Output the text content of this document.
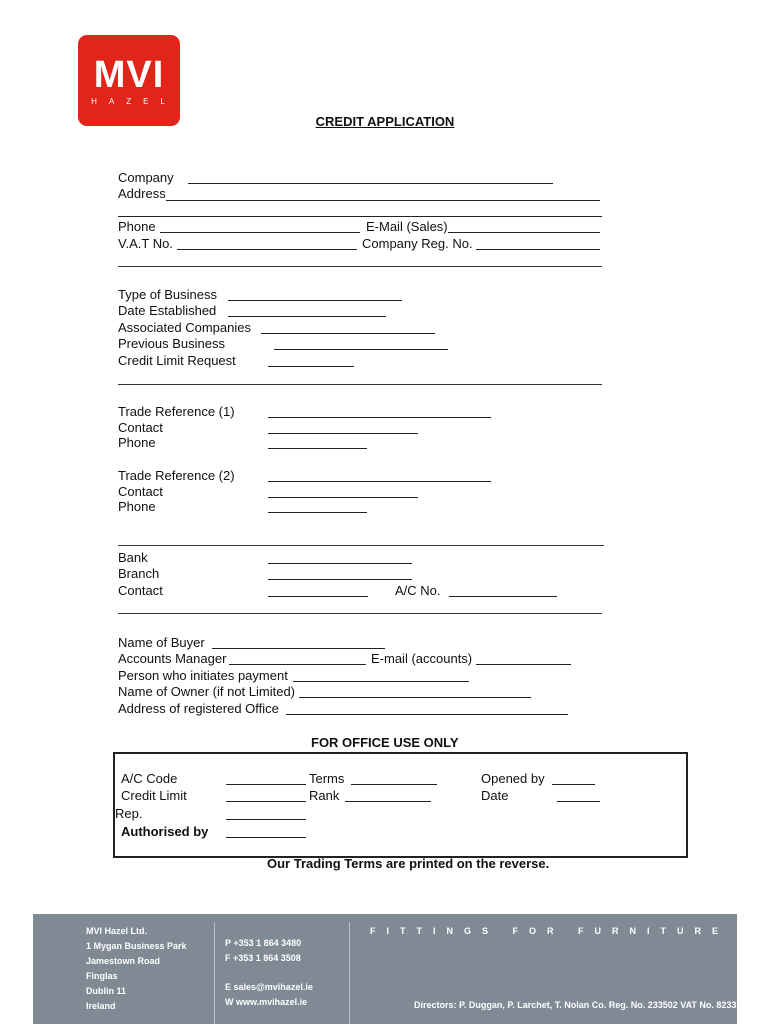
MVI
HAZEL
CREDIT APPLICATION
Company
Address
Phone	E-Mail (Sales)
V.A.T No.	Company Reg. No.
Type of Business
Date Established
Associated Companies
Previous Business
Credit Limit Request
Trade Reference (1)
Contact
Phone
Trade Reference (2)
Contact
Phone
Bank
Branch
Contact	A/C No.
Name of Buyer
Accounts Manager	E-mail (accounts)
Person who initiates payment
Name of Owner (if not Limited)
Address of registered Office
FOR OFFICE USE ONLY
A/C Code	Terms	Opened by
Credit Limit	Rank	Date
Rep.
Authorised by
Our Trading Terms are printed on the reverse.
MVI Hazel Ltd.
1 Mygan Business Park
Jamestown Road
Finglas
Dublin 11
Ireland
P +353 1 864 3480
F +353 1 864 3508
E sales@mvihazel.ie
W www.mvihazel.ie
FITTINGS FOR FURNITURE
Directors: P. Duggan, P. Larchet, T. Nolan Co. Reg. No. 233502 VAT No. 8233502T
